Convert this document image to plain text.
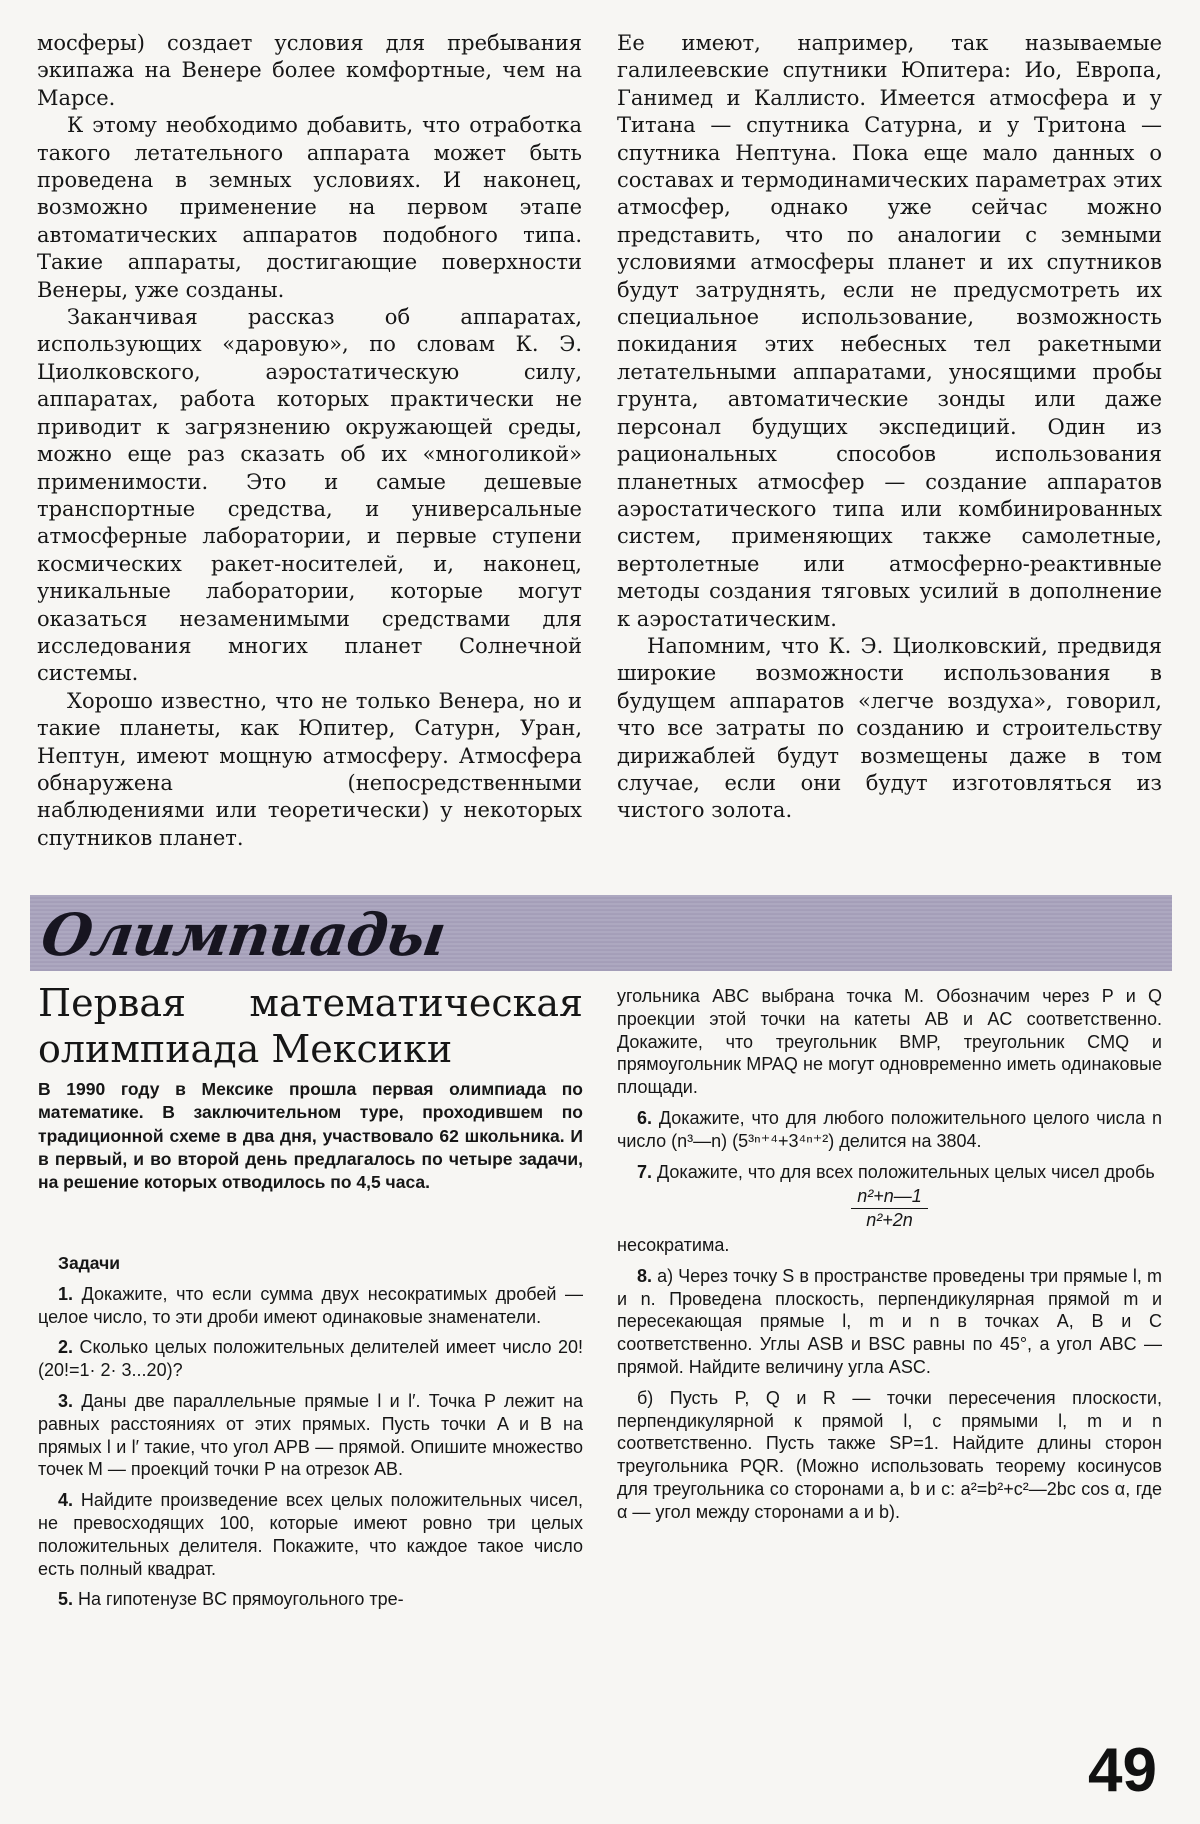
мосферы) создает условия для пребывания экипажа на Венере более комфортные, чем на Марсе.

К этому необходимо добавить, что отработка такого летательного аппарата может быть проведена в земных условиях. И наконец, возможно применение на первом этапе автоматических аппаратов подобного типа. Такие аппараты, достигающие поверхности Венеры, уже созданы.

Заканчивая рассказ об аппаратах, использующих «даровую», по словам К. Э. Циолковского, аэростатическую силу, аппаратах, работа которых практически не приводит к загрязнению окружающей среды, можно еще раз сказать об их «многоликой» применимости. Это и самые дешевые транспортные средства, и универсальные атмосферные лаборатории, и первые ступени космических ракет-носителей, и, наконец, уникальные лаборатории, которые могут оказаться незаменимыми средствами для исследования многих планет Солнечной системы.

Хорошо известно, что не только Венера, но и такие планеты, как Юпитер, Сатурн, Уран, Нептун, имеют мощную атмосферу. Атмосфера обнаружена (непосредственными наблюдениями или теоретически) у некоторых спутников планет.

Ее имеют, например, так называемые галилеевские спутники Юпитера: Ио, Европа, Ганимед и Каллисто. Имеется атмосфера и у Титана — спутника Сатурна, и у Тритона — спутника Нептуна. Пока еще мало данных о составах и термодинамических параметрах этих атмосфер, однако уже сейчас можно представить, что по аналогии с земными условиями атмосферы планет и их спутников будут затруднять, если не предусмотреть их специальное использование, возможность покидания этих небесных тел ракетными летательными аппаратами, уносящими пробы грунта, автоматические зонды или даже персонал будущих экспедиций. Один из рациональных способов использования планетных атмосфер — создание аппаратов аэростатического типа или комбинированных систем, применяющих также самолетные, вертолетные или атмосферно-реактивные методы создания тяговых усилий в дополнение к аэростатическим.

Напомним, что К. Э. Циолковский, предвидя широкие возможности использования в будущем аппаратов «легче воздуха», говорил, что все затраты по созданию и строительству дирижаблей будут возмещены даже в том случае, если они будут изготовляться из чистого золота.

Олимпиады
Первая математическая олимпиада Мексики

В 1990 году в Мексике прошла первая олимпиада по математике. В заключительном туре, проходившем по традиционной схеме в два дня, участвовало 62 школьника. И в первый, и во второй день предлагалось по четыре задачи, на решение которых отводилось по 4,5 часа.

Задачи

1. Докажите, что если сумма двух несократимых дробей — целое число, то эти дроби имеют одинаковые знаменатели.

2. Сколько целых положительных делителей имеет число 20! (20!=1· 2· 3...20)?

3. Даны две параллельные прямые l и l′. Точка P лежит на равных расстояниях от этих прямых. Пусть точки A и B на прямых l и l′ такие, что угол APB — прямой. Опишите множество точек M — проекций точки P на отрезок AB.

4. Найдите произведение всех целых положительных чисел, не превосходящих 100, которые имеют ровно три целых положительных делителя. Покажите, что каждое такое число есть полный квадрат.

5. На гипотенузе BC прямоугольного тре-

угольника ABC выбрана точка M. Обозначим через P и Q проекции этой точки на катеты AB и AC соответственно. Докажите, что треугольник BMP, треугольник CMQ и прямоугольник MPAQ не могут одновременно иметь одинаковые площади.

6. Докажите, что для любого положительного целого числа n число (n³—n) (5³ⁿ⁺⁴+3⁴ⁿ⁺²) делится на 3804.

7. Докажите, что для всех положительных целых чисел дробь

n²+n—1
n²+2n

несократима.

8. а) Через точку S в пространстве проведены три прямые l, m и n. Проведена плоскость, перпендикулярная прямой m и пересекающая прямые l, m и n в точках A, B и C соответственно. Углы ASB и BSC равны по 45°, а угол ABC — прямой. Найдите величину угла ASC.

б) Пусть P, Q и R — точки пересечения плоскости, перпендикулярной к прямой l, с прямыми l, m и n соответственно. Пусть также SP=1. Найдите длины сторон треугольника PQR. (Можно использовать теорему косинусов для треугольника со сторонами a, b и c: a²=b²+c²—2bc cos α, где α — угол между сторонами a и b).

49
